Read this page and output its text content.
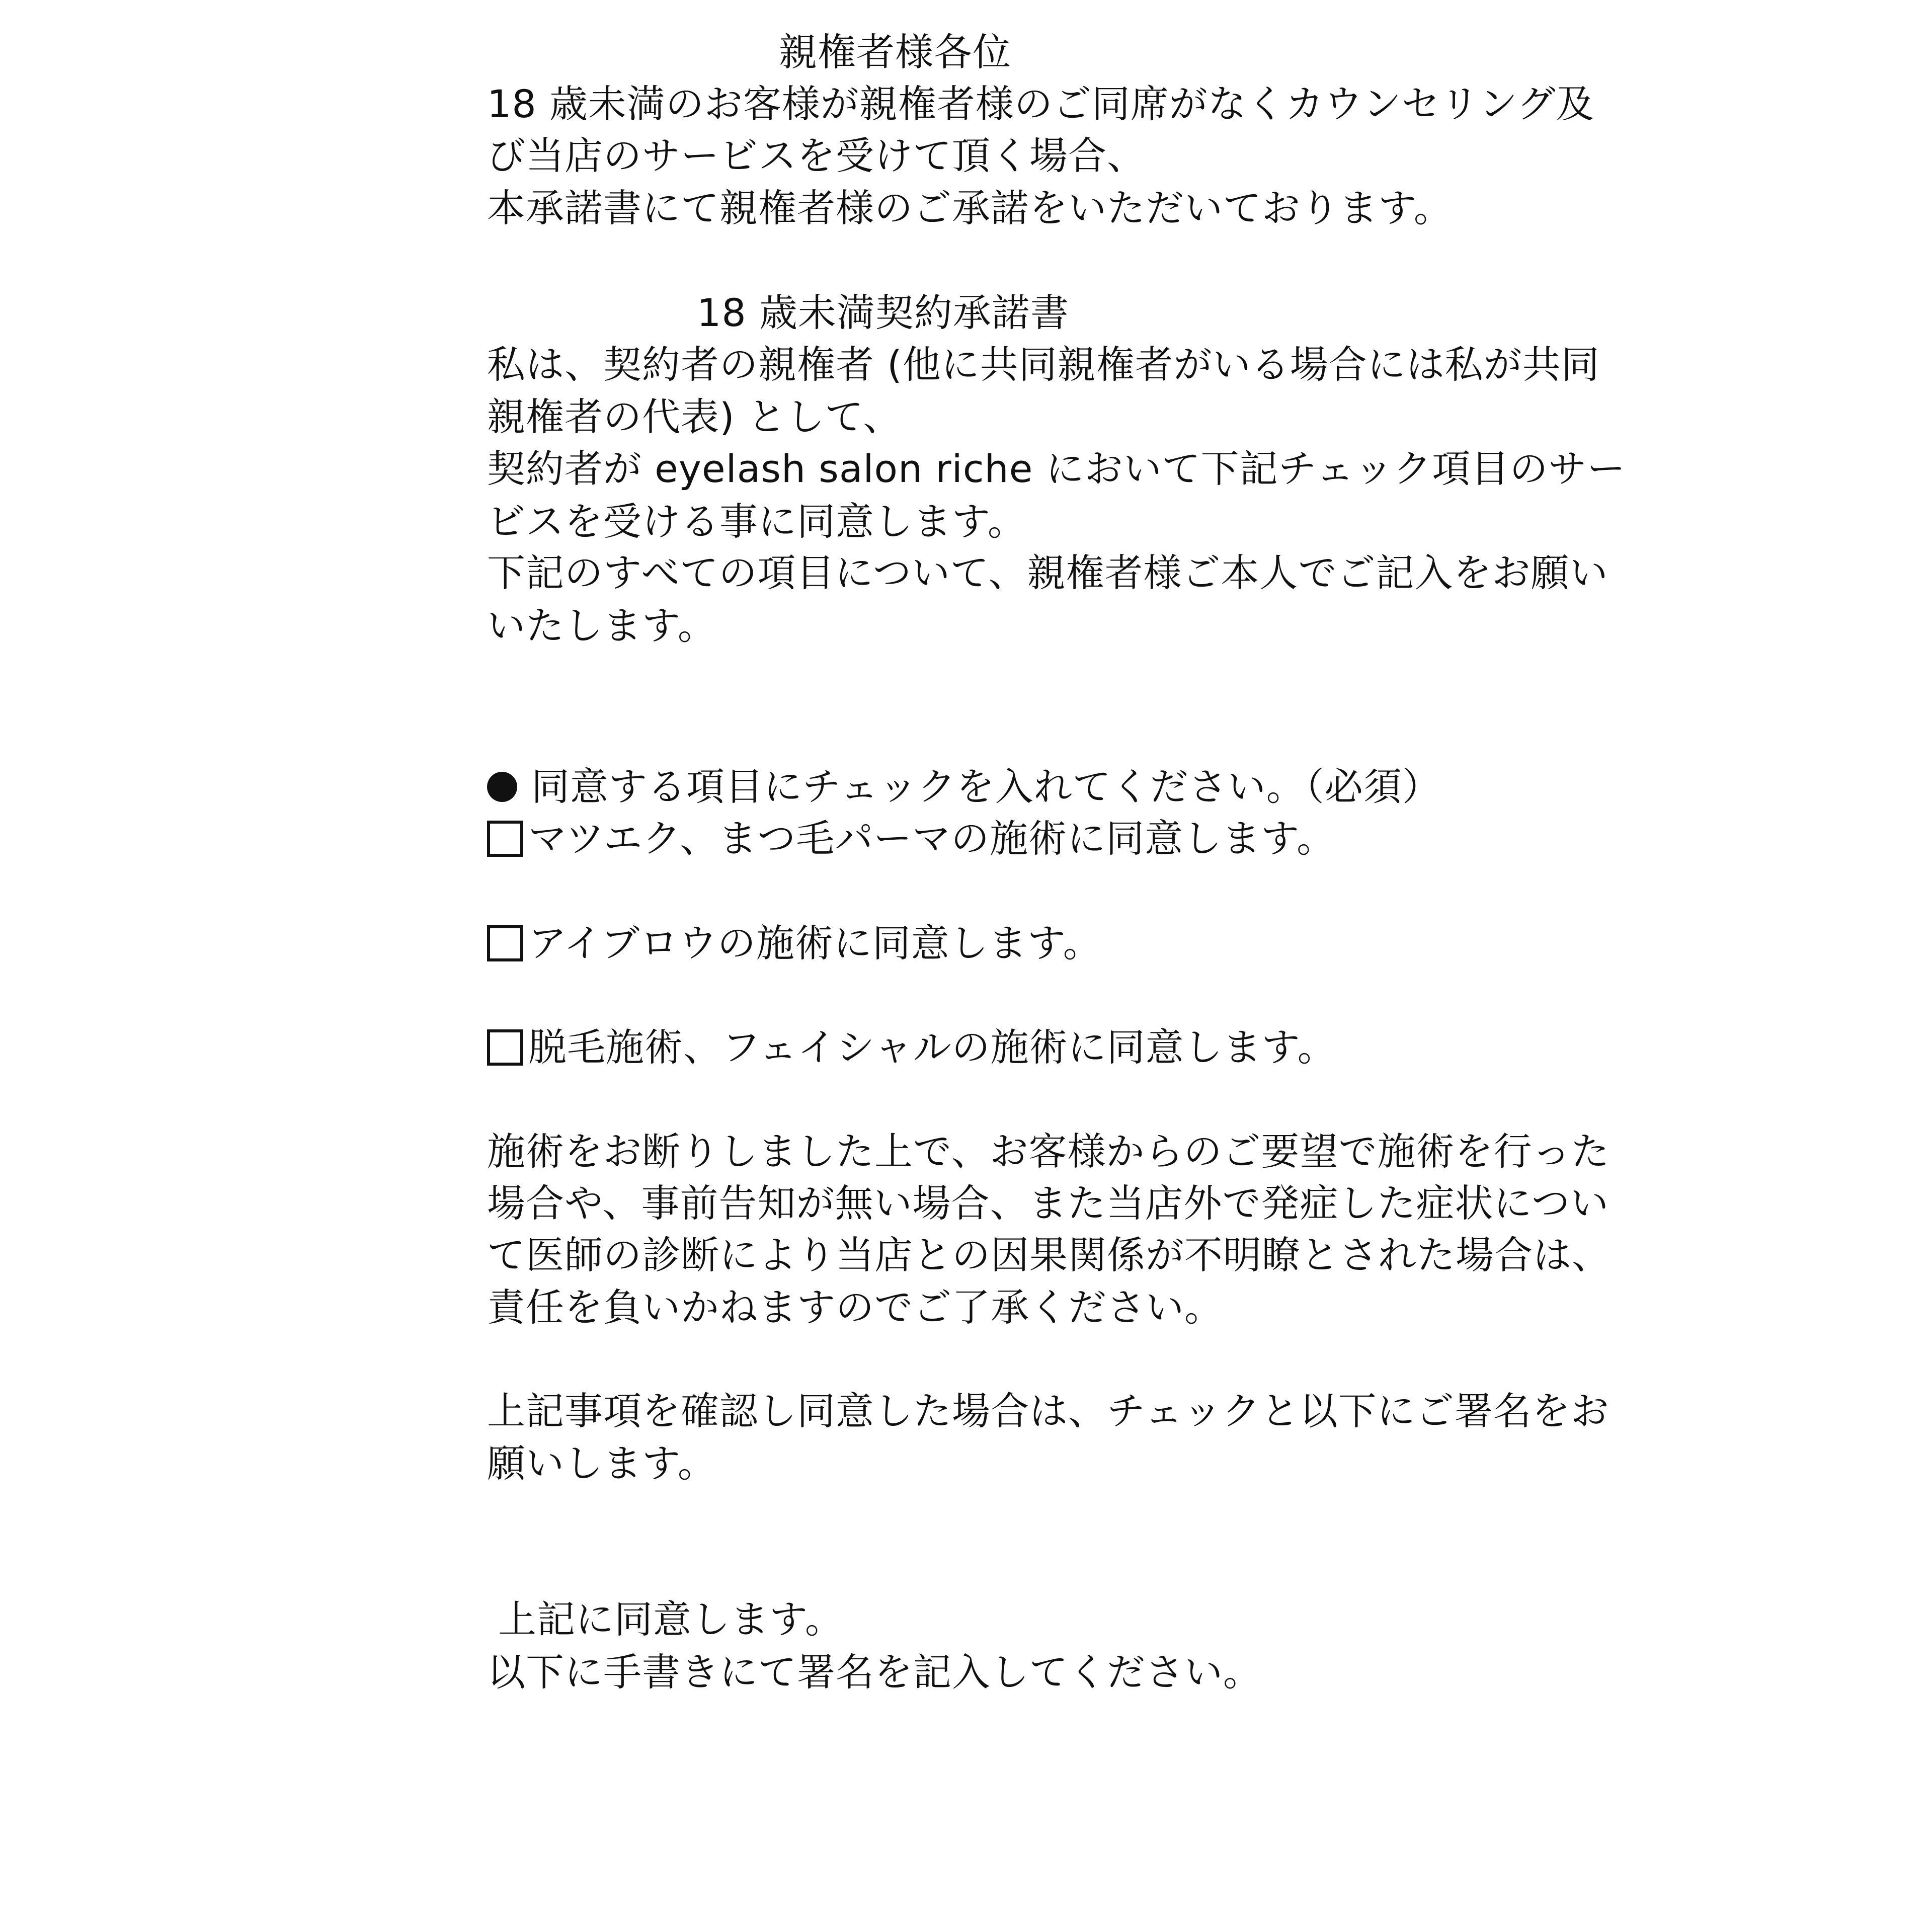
親権者様各位
18 歳未満のお客様が親権者様のご同席がなくカウンセリング及
び当店のサービスを受けて頂く場合、
本承諾書にて親権者様のご承諾をいただいております。
18 歳未満契約承諾書
私は、契約者の親権者 (他に共同親権者がいる場合には私が共同
親権者の代表) として、
契約者が eyelash salon riche において下記チェック項目のサー
ビスを受ける事に同意します。
下記のすべての項目について、親権者様ご本人でご記入をお願い
いたします。
同意する項目にチェックを入れてください。（必須）
マツエク、まつ毛パーマの施術に同意します。
アイブロウの施術に同意します。
脱毛施術、フェイシャルの施術に同意します。
施術をお断りしました上で、お客様からのご要望で施術を行った
場合や、事前告知が無い場合、また当店外で発症した症状につい
て医師の診断により当店との因果関係が不明瞭とされた場合は、
責任を負いかねますのでご了承ください。
上記事項を確認し同意した場合は、チェックと以下にご署名をお
願いします。
上記に同意します。
以下に手書きにて署名を記入してください。
